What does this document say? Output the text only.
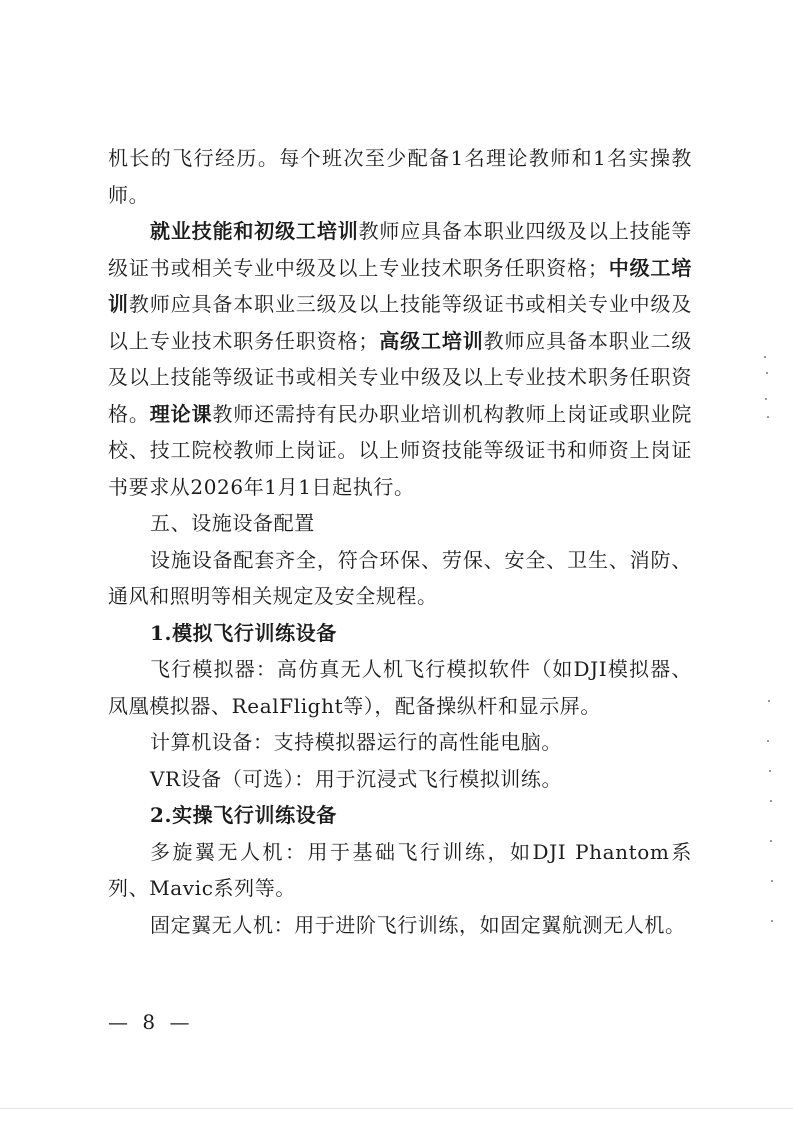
机长的飞行经历。每个班次至少配备1名理论教师和1名实操教师。

就业技能和初级工培训教师应具备本职业四级及以上技能等级证书或相关专业中级及以上专业技术职务任职资格；中级工培训教师应具备本职业三级及以上技能等级证书或相关专业中级及以上专业技术职务任职资格；高级工培训教师应具备本职业二级及以上技能等级证书或相关专业中级及以上专业技术职务任职资格。理论课教师还需持有民办职业培训机构教师上岗证或职业院校、技工院校教师上岗证。以上师资技能等级证书和师资上岗证书要求从2026年1月1日起执行。

五、设施设备配置

设施设备配套齐全，符合环保、劳保、安全、卫生、消防、通风和照明等相关规定及安全规程。

1.模拟飞行训练设备

飞行模拟器：高仿真无人机飞行模拟软件（如DJI模拟器、凤凰模拟器、RealFlight等），配备操纵杆和显示屏。

计算机设备：支持模拟器运行的高性能电脑。

VR设备（可选）：用于沉浸式飞行模拟训练。

2.实操飞行训练设备

多旋翼无人机：用于基础飞行训练，如DJI Phantom系列、Mavic系列等。

固定翼无人机：用于进阶飞行训练，如固定翼航测无人机。

— 8 —
